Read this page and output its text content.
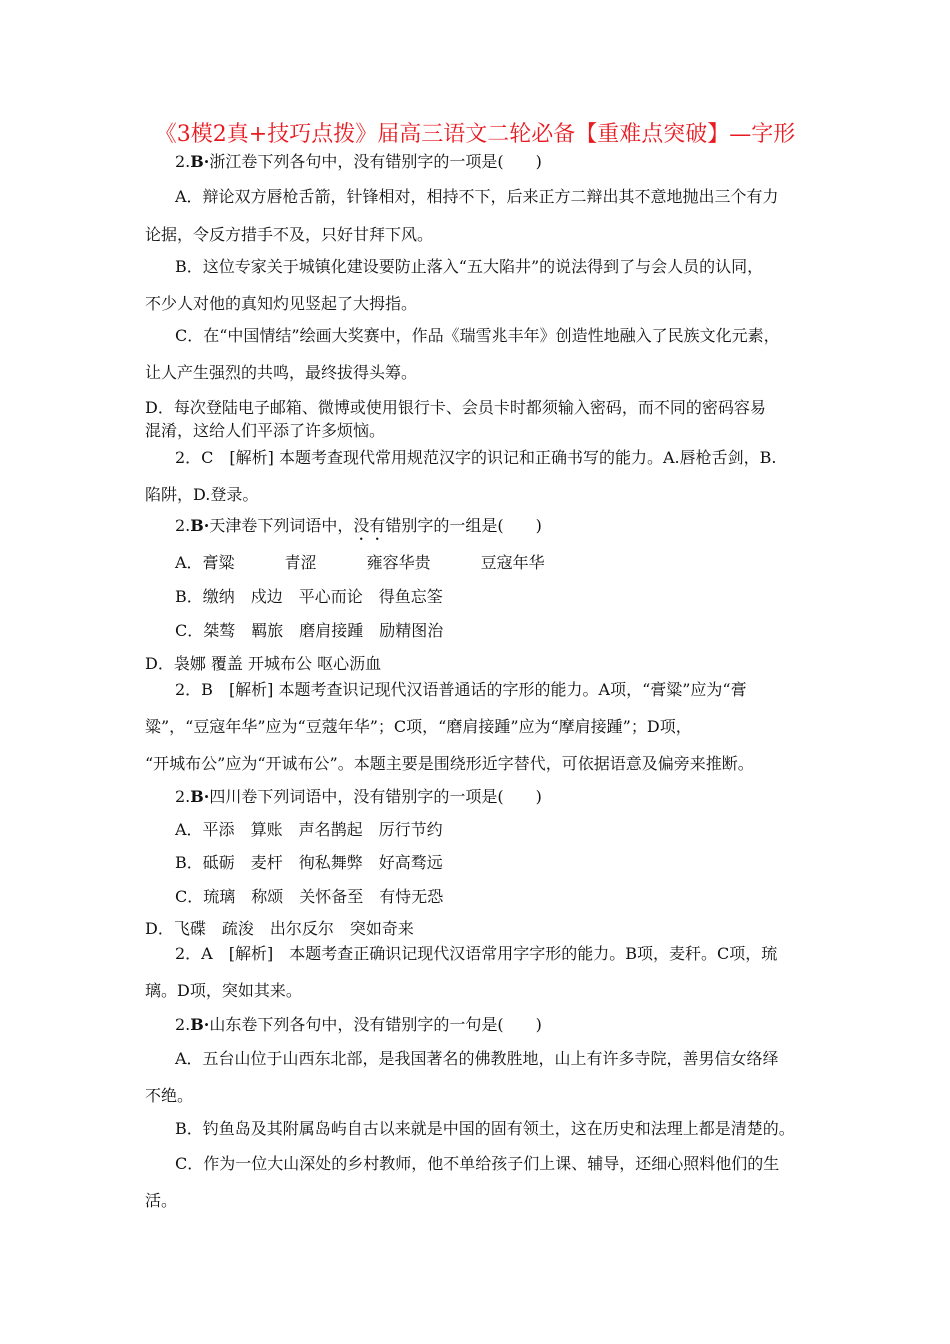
《3模2真+技巧点拨》届高三语文二轮必备【重难点突破】—字形
2.B·浙江卷下列各句中，没有错别字的一项是(　　)
A．辩论双方唇枪舌箭，针锋相对，相持不下，后来正方二辩出其不意地抛出三个有力
论据，令反方措手不及，只好甘拜下风。
B．这位专家关于城镇化建设要防止落入“五大陷井”的说法得到了与会人员的认同，
不少人对他的真知灼见竖起了大拇指。
C．在“中国情结”绘画大奖赛中，作品《瑞雪兆丰年》创造性地融入了民族文化元素，
让人产生强烈的共鸣，最终拔得头筹。
D．每次登陆电子邮箱、微博或使用银行卡、会员卡时都须输入密码，而不同的密码容易
混淆，这给人们平添了许多烦恼。
2．C　[解析] 本题考查现代常用规范汉字的识记和正确书写的能力。A.唇枪舌剑，B.
陷阱，D.登录。
2.B·天津卷下列词语中，没有错别字的一组是(　　)
A．膏粱	青涩	雍容华贵	豆寇年华
B．缴纳 戍边 平心而论 得鱼忘筌
C．桀骜 羁旅 磨肩接踵 励精图治
D．袅娜 覆盖 开城布公 呕心沥血
2．B　[解析] 本题考查识记现代汉语普通话的字形的能力。A项，“膏粱”应为“膏
粱”，“豆寇年华”应为“豆蔻年华”；C项，“磨肩接踵”应为“摩肩接踵”；D项，
“开城布公”应为“开诚布公”。本题主要是围绕形近字替代，可依据语意及偏旁来推断。
2.B·四川卷下列词语中，没有错别字的一项是(　　)
A．平添 算账 声名鹊起 厉行节约
B．砥砺 麦杆 徇私舞弊 好高骛远
C．琉璃 称颂 关怀备至 有恃无恐
D．飞碟 疏浚 出尔反尔 突如奇来
2．A　[解析]　本题考查正确识记现代汉语常用字字形的能力。B项，麦秆。C项，琉
璃。D项，突如其来。
2.B·山东卷下列各句中，没有错别字的一句是(　　)
A．五台山位于山西东北部，是我国著名的佛教胜地，山上有许多寺院，善男信女络绎
不绝。
B．钓鱼岛及其附属岛屿自古以来就是中国的固有领土，这在历史和法理上都是清楚的。
C．作为一位大山深处的乡村教师，他不单给孩子们上课、辅导，还细心照料他们的生
活。
